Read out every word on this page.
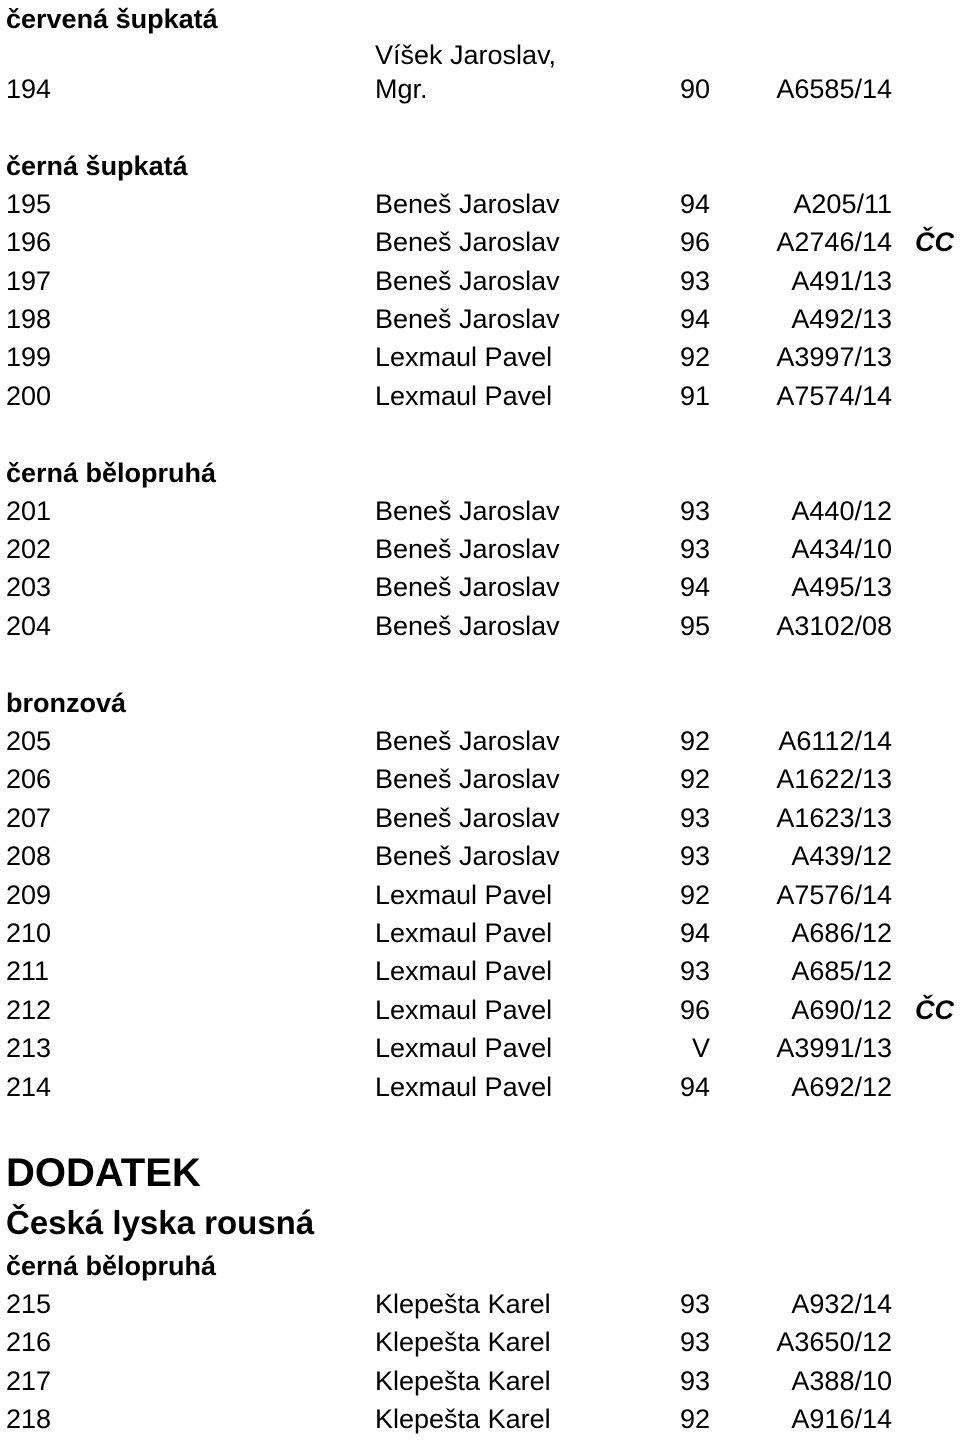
červená šupkatá
Víšek Jaroslav,
194	Mgr.	90	A6585/14
černá šupkatá
195	Beneš Jaroslav	94	A205/11
196	Beneš Jaroslav	96	A2746/14 ČC
197	Beneš Jaroslav	93	A491/13
198	Beneš Jaroslav	94	A492/13
199	Lexmaul Pavel	92	A3997/13
200	Lexmaul Pavel	91	A7574/14
černá bělopruhá
201	Beneš Jaroslav	93	A440/12
202	Beneš Jaroslav	93	A434/10
203	Beneš Jaroslav	94	A495/13
204	Beneš Jaroslav	95	A3102/08
bronzová
205	Beneš Jaroslav	92	A6112/14
206	Beneš Jaroslav	92	A1622/13
207	Beneš Jaroslav	93	A1623/13
208	Beneš Jaroslav	93	A439/12
209	Lexmaul Pavel	92	A7576/14
210	Lexmaul Pavel	94	A686/12
211	Lexmaul Pavel	93	A685/12
212	Lexmaul Pavel	96	A690/12 ČC
213	Lexmaul Pavel	V	A3991/13
214	Lexmaul Pavel	94	A692/12
DODATEK
Česká lyska rousná
černá bělopruhá
215	Klepešta Karel	93	A932/14
216	Klepešta Karel	93	A3650/12
217	Klepešta Karel	93	A388/10
218	Klepešta Karel	92	A916/14
